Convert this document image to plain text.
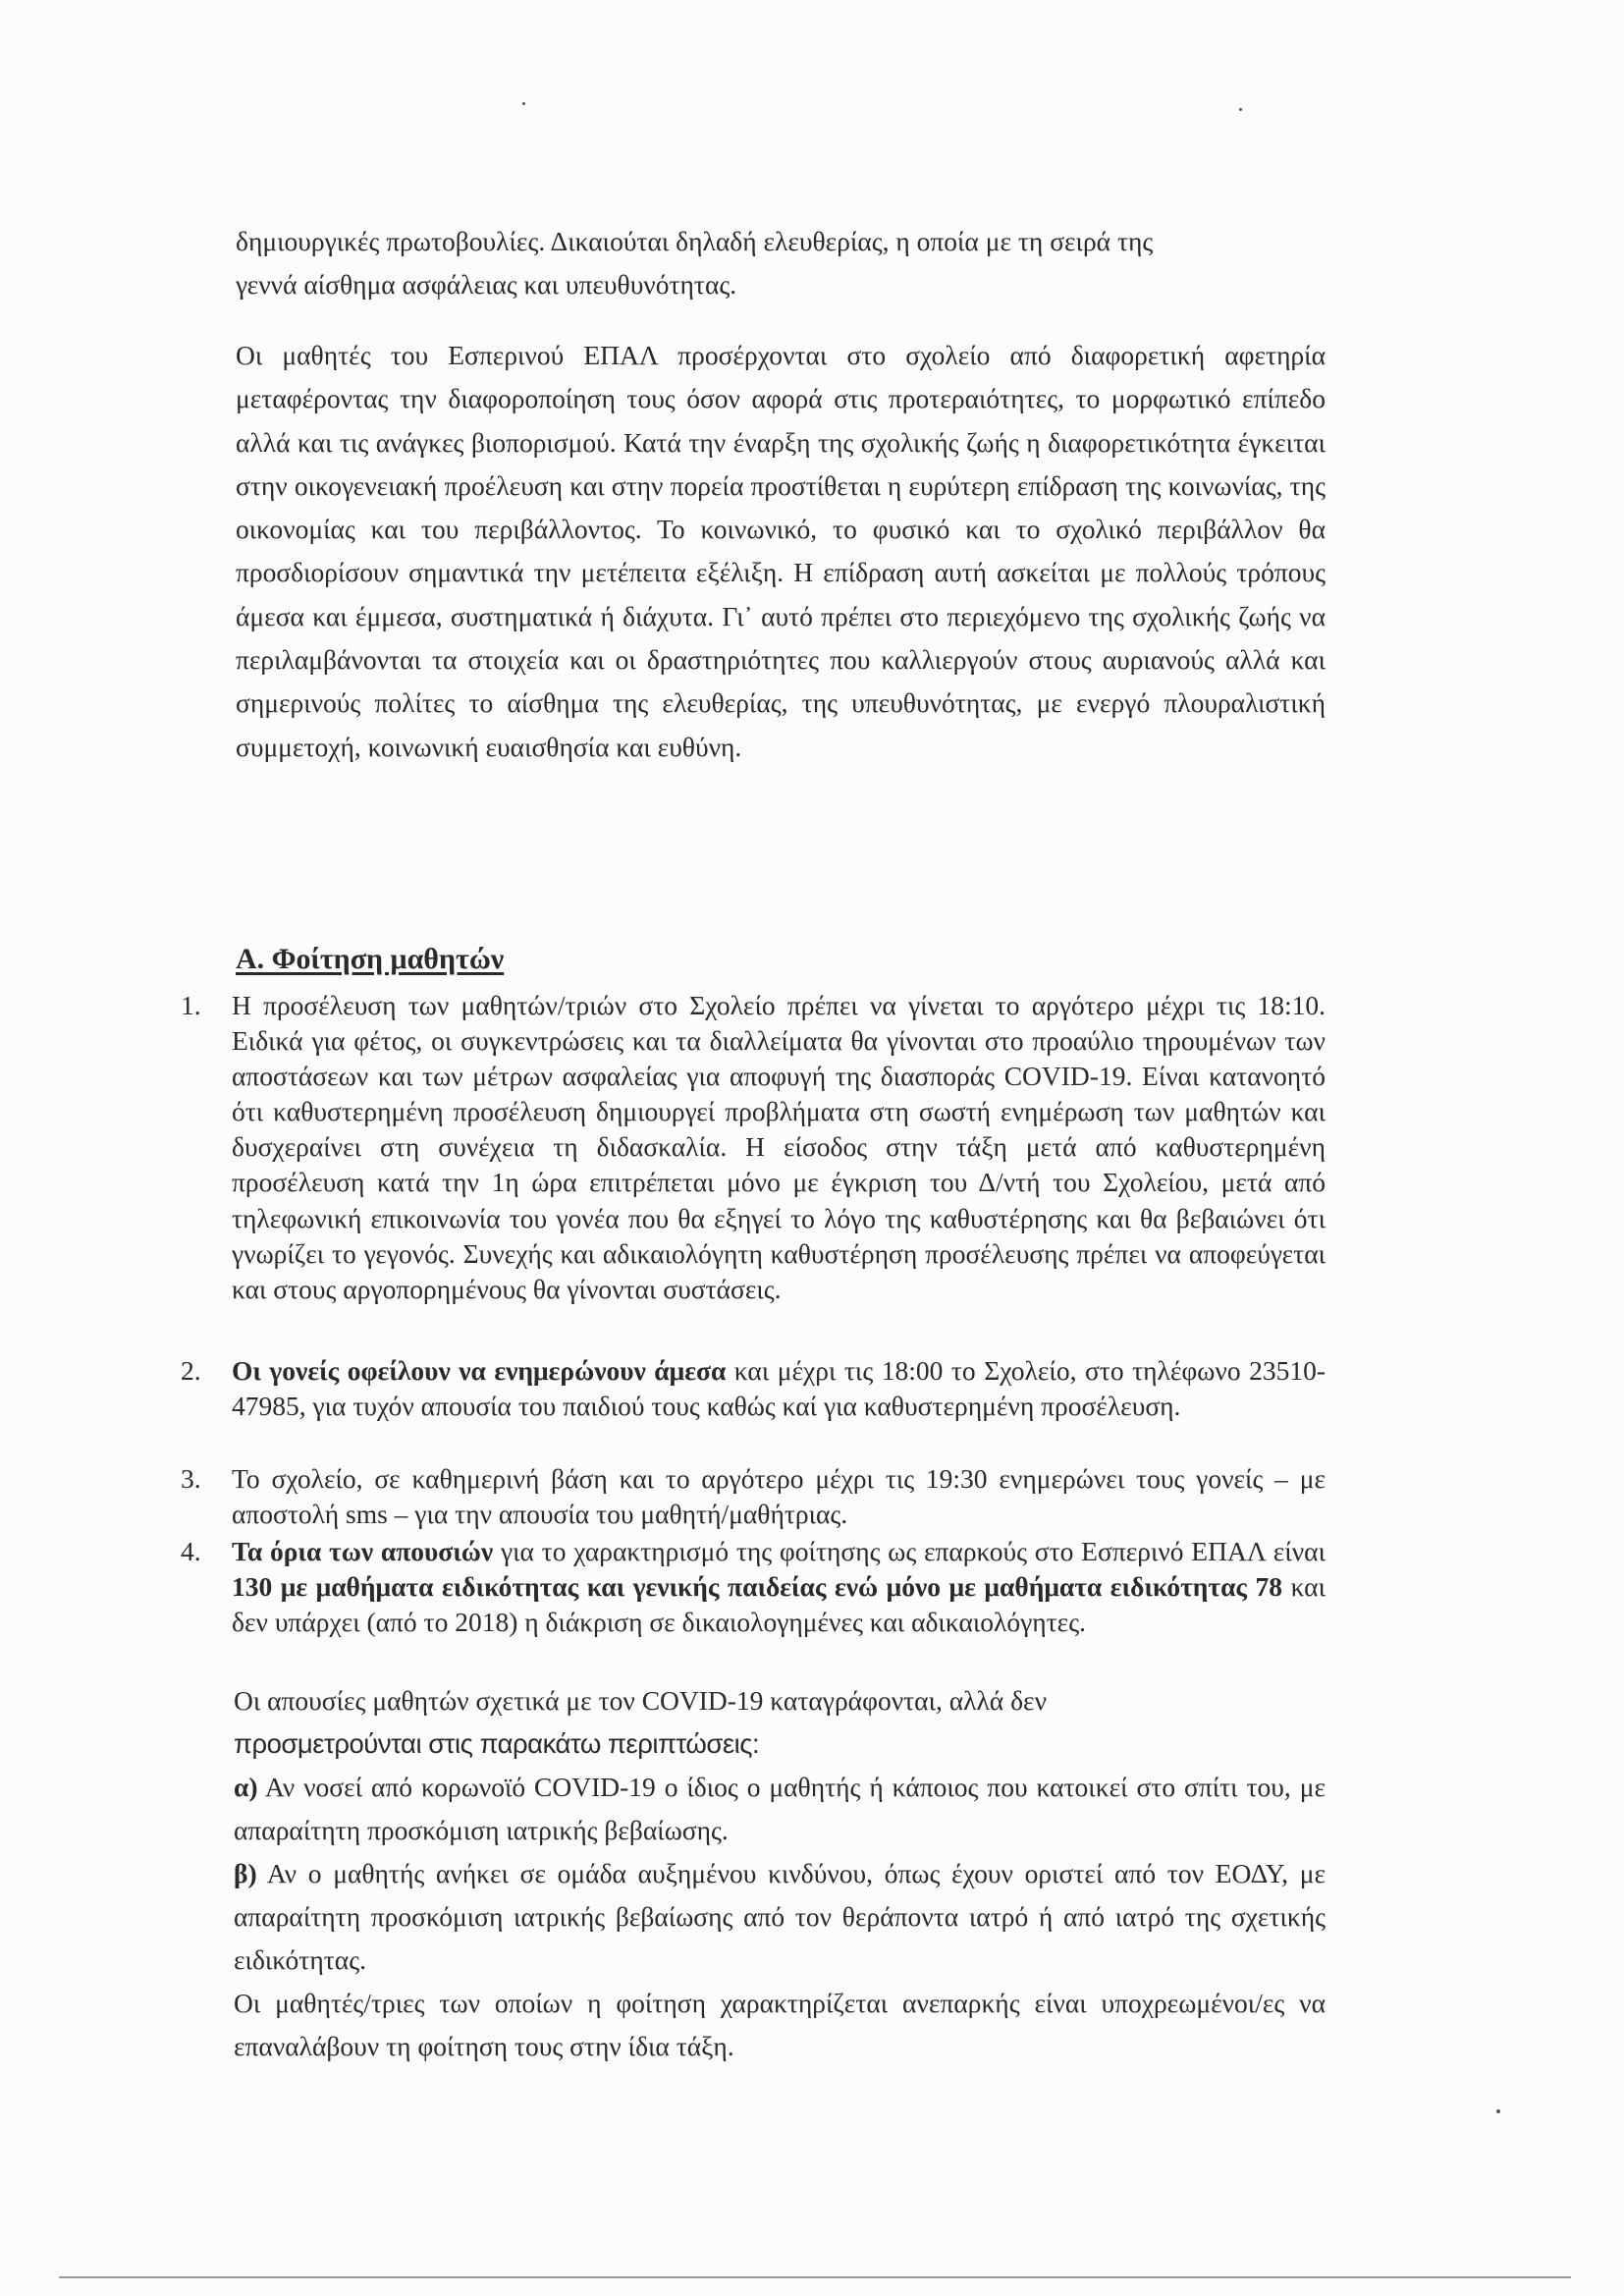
δημιουργικές πρωτοβουλίες. Δικαιούται δηλαδή ελευθερίας, η οποία με τη σειρά της

γεννά αίσθημα ασφάλειας και υπευθυνότητας.

Οι μαθητές του Εσπερινού ΕΠΑΛ προσέρχονται στο σχολείο από διαφορετική αφετηρία μεταφέροντας την διαφοροποίηση τους όσον αφορά στις προτεραιότητες, το μορφωτικό επίπεδο αλλά και τις ανάγκες βιοπορισμού. Κατά την έναρξη της σχολικής ζωής η διαφορετικότητα έγκειται στην οικογενειακή προέλευση και στην πορεία προστίθεται η ευρύτερη επίδραση της κοινωνίας, της οικονομίας και του περιβάλλοντος. Το κοινωνικό, το φυσικό και το σχολικό περιβάλλον θα προσδιορίσουν σημαντικά την μετέπειτα εξέλιξη. Η επίδραση αυτή ασκείται με πολλούς τρόπους άμεσα και έμμεσα, συστηματικά ή διάχυτα. Γι᾽ αυτό πρέπει στο περιεχόμενο της σχολικής ζωής να περιλαμβάνονται τα στοιχεία και οι δραστηριότητες που καλλιεργούν στους αυριανούς αλλά και σημερινούς πολίτες το αίσθημα της ελευθερίας, της υπευθυνότητας, με ενεργό πλουραλιστική συμμετοχή, κοινωνική ευαισθησία και ευθύνη.

Α. Φοίτηση μαθητών
1. Η προσέλευση των μαθητών/τριών στο Σχολείο πρέπει να γίνεται το αργότερο μέχρι τις 18:10. Ειδικά για φέτος, οι συγκεντρώσεις και τα διαλλείματα θα γίνονται στο προαύλιο τηρουμένων των αποστάσεων και των μέτρων ασφαλείας για αποφυγή της διασποράς COVID-19. Είναι κατανοητό ότι καθυστερημένη προσέλευση δημιουργεί προβλήματα στη σωστή ενημέρωση των μαθητών και δυσχεραίνει στη συνέχεια τη διδασκαλία. Η είσοδος στην τάξη μετά από καθυστερημένη προσέλευση κατά την 1η ώρα επιτρέπεται μόνο με έγκριση του Δ/ντή του Σχολείου, μετά από τηλεφωνική επικοινωνία του γονέα που θα εξηγεί το λόγο της καθυστέρησης και θα βεβαιώνει ότι γνωρίζει το γεγονός. Συνεχής και αδικαιολόγητη καθυστέρηση προσέλευσης πρέπει να αποφεύγεται και στους αργοπορημένους θα γίνονται συστάσεις.
2. Οι γονείς οφείλουν να ενημερώνουν άμεσα και μέχρι τις 18:00 το Σχολείο, στο τηλέφωνο 23510-47985, για τυχόν απουσία του παιδιού τους καθώς καί για καθυστερημένη προσέλευση.
3. Το σχολείο, σε καθημερινή βάση και το αργότερο μέχρι τις 19:30 ενημερώνει τους γονείς – με αποστολή sms – για την απουσία του μαθητή/μαθήτριας.
4. Τα όρια των απουσιών για το χαρακτηρισμό της φοίτησης ως επαρκούς στο Εσπερινό ΕΠΑΛ είναι 130 με μαθήματα ειδικότητας και γενικής παιδείας ενώ μόνο με μαθήματα ειδικότητας 78 και δεν υπάρχει (από το 2018) η διάκριση σε δικαιολογημένες και αδικαιολόγητες.

Οι απουσίες μαθητών σχετικά με τον COVID-19 καταγράφονται, αλλά δεν

προσμετρούνται στις παρακάτω περιπτώσεις:

α) Αν νοσεί από κορωνοϊό COVID-19 ο ίδιος ο μαθητής ή κάποιος που κατοικεί στο σπίτι του, με απαραίτητη προσκόμιση ιατρικής βεβαίωσης.

β) Αν ο μαθητής ανήκει σε ομάδα αυξημένου κινδύνου, όπως έχουν οριστεί από τον ΕΟΔΥ, με απαραίτητη προσκόμιση ιατρικής βεβαίωσης από τον θεράποντα ιατρό ή από ιατρό της σχετικής ειδικότητας.

Οι μαθητές/τριες των οποίων η φοίτηση χαρακτηρίζεται ανεπαρκής είναι υποχρεωμένοι/ες να επαναλάβουν τη φοίτηση τους στην ίδια τάξη.
